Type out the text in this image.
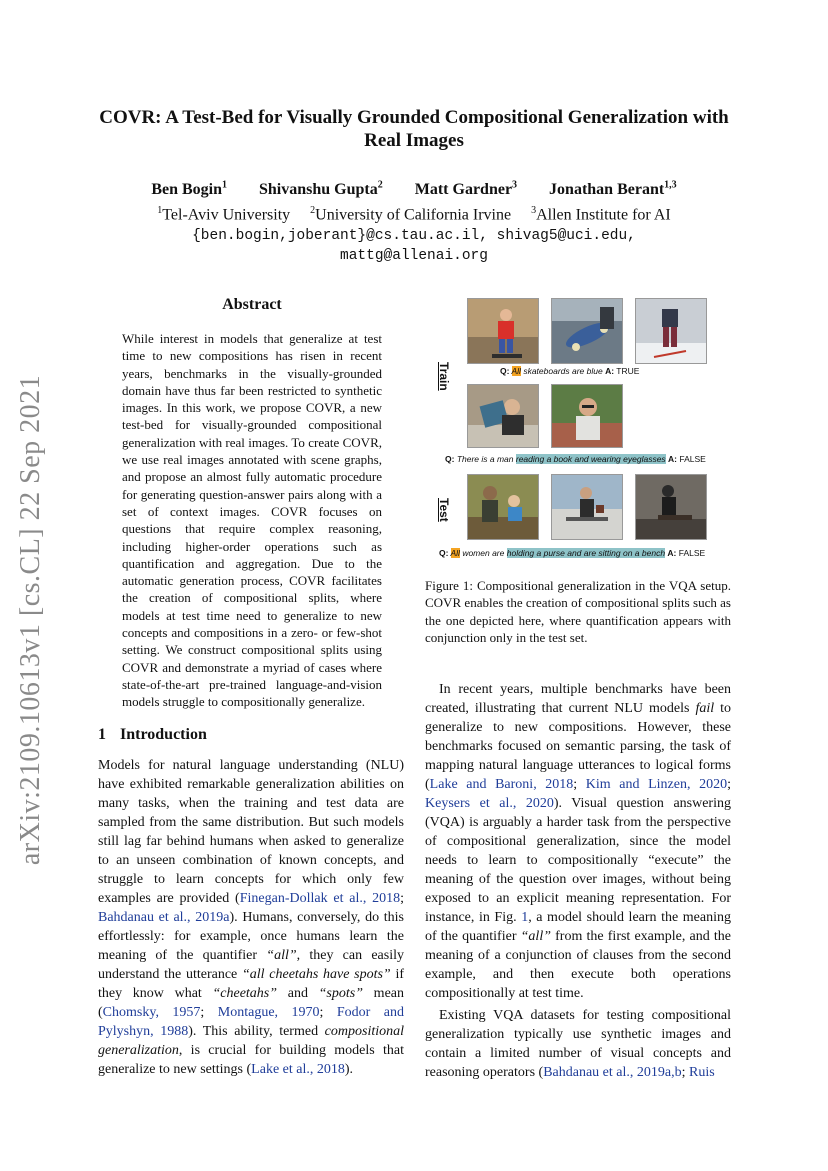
arXiv:2109.10613v1 [cs.CL] 22 Sep 2021
COVR: A Test-Bed for Visually Grounded Compositional Generalization with Real Images
Ben Bogin$^1$ Shivanshu Gupta$^2$ Matt Gardner$^3$ Jonathan Berant$^{1,3}$
$^1$Tel-Aviv University $^2$University of California Irvine $^3$Allen Institute for AI
{ben.bogin,joberant}@cs.tau.ac.il, shivag5@uci.edu,
mattg@allenai.org
Abstract
While interest in models that generalize at test time to new compositions has risen in recent years, benchmarks in the visually-grounded domain have thus far been restricted to synthetic images. In this work, we propose COVR, a new test-bed for visually-grounded compositional generalization with real images. To create COVR, we use real images annotated with scene graphs, and propose an almost fully automatic procedure for generating question-answer pairs along with a set of context images. COVR focuses on questions that require complex reasoning, including higher-order operations such as quantification and aggregation. Due to the automatic generation process, COVR facilitates the creation of compositional splits, where models at test time need to generalize to new concepts and compositions in a zero- or few-shot setting. We construct compositional splits using COVR and demonstrate a myriad of cases where state-of-the-art pre-trained language-and-vision models struggle to compositionally generalize.
1 Introduction
Models for natural language understanding (NLU) have exhibited remarkable generalization abilities on many tasks, when the training and test data are sampled from the same distribution. But such models still lag far behind humans when asked to generalize to an unseen combination of known concepts, and struggle to learn concepts for which only few examples are provided (Finegan-Dollak et al., 2018; Bahdanau et al., 2019a). Humans, conversely, do this effortlessly: for example, once humans learn the meaning of the quantifier “all”, they can easily understand the utterance “all cheetahs have spots” if they know what “cheetahs” and “spots” mean (Chomsky, 1957; Montague, 1970; Fodor and Pylyshyn, 1988). This ability, termed compositional generalization, is crucial for building models that generalize to new settings (Lake et al., 2018).

In recent years, multiple benchmarks have been created, illustrating that current NLU models fail to generalize to new compositions. However, these benchmarks focused on semantic parsing, the task of mapping natural language utterances to logical forms (Lake and Baroni, 2018; Kim and Linzen, 2020; Keysers et al., 2020). Visual question answering (VQA) is arguably a harder task from the perspective of compositional generalization, since the model needs to learn to compositionally “execute” the meaning of the question over images, without being exposed to an explicit meaning representation. For instance, in Fig. 1, a model should learn the meaning of the quantifier “all” from the first example, and the meaning of a conjunction of clauses from the second example, and then execute both operations compositionally at test time.

Existing VQA datasets for testing compositional generalization typically use synthetic images and contain a limited number of visual concepts and reasoning operators (Bahdanau et al., 2019a,b; Ruis

Train
Test
Q: All skateboards are blue A: TRUE
Q: There is a man reading a book and wearing eyeglasses A: FALSE
Q: All women are holding a purse and are sitting on a bench A: FALSE
Figure 1: Compositional generalization in the VQA setup. COVR enables the creation of compositional splits such as the one depicted here, where quantification appears with conjunction only in the test set.
